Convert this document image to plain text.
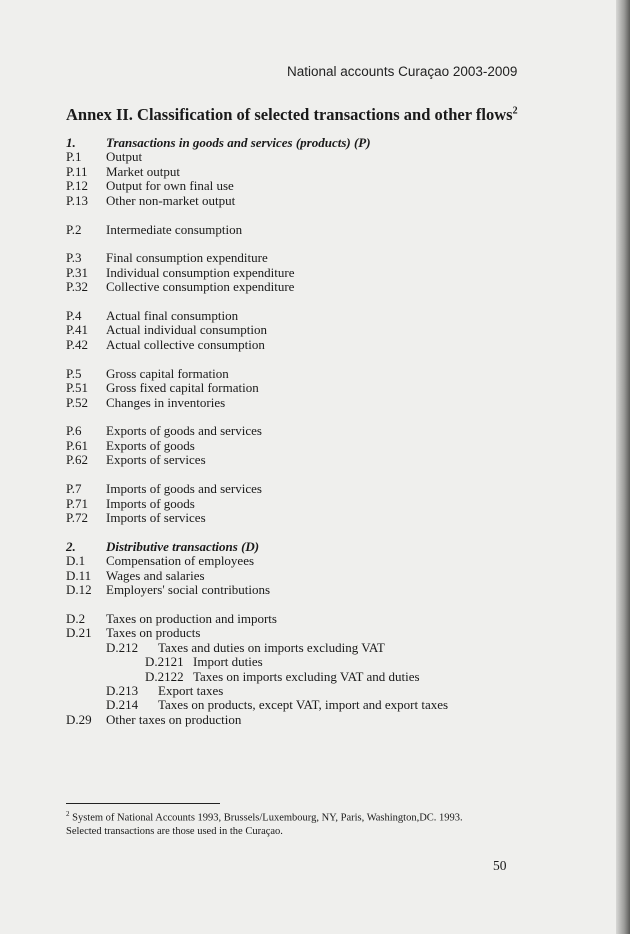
National accounts Curaçao 2003-2009
Annex II. Classification of selected transactions and other flows$^2$
1. Transactions in goods and services (products) (P)
P.1 Output
P.11 Market output
P.12 Output for own final use
P.13 Other non-market output
P.2 Intermediate consumption
P.3 Final consumption expenditure
P.31 Individual consumption expenditure
P.32 Collective consumption expenditure
P.4 Actual final consumption
P.41 Actual individual consumption
P.42 Actual collective consumption
P.5 Gross capital formation
P.51 Gross fixed capital formation
P.52 Changes in inventories
P.6 Exports of goods and services
P.61 Exports of goods
P.62 Exports of services
P.7 Imports of goods and services
P.71 Imports of goods
P.72 Imports of services
2. Distributive transactions (D)
D.1 Compensation of employees
D.11 Wages and salaries
D.12 Employers' social contributions
D.2 Taxes on production and imports
D.21 Taxes on products
D.212 Taxes and duties on imports excluding VAT
D.2121 Import duties
D.2122 Taxes on imports excluding VAT and duties
D.213 Export taxes
D.214 Taxes on products, except VAT, import and export taxes
D.29 Other taxes on production
$^2$ System of National Accounts 1993, Brussels/Luxembourg, NY, Paris, Washington,DC. 1993.
Selected transactions are those used in the Curaçao.
50
